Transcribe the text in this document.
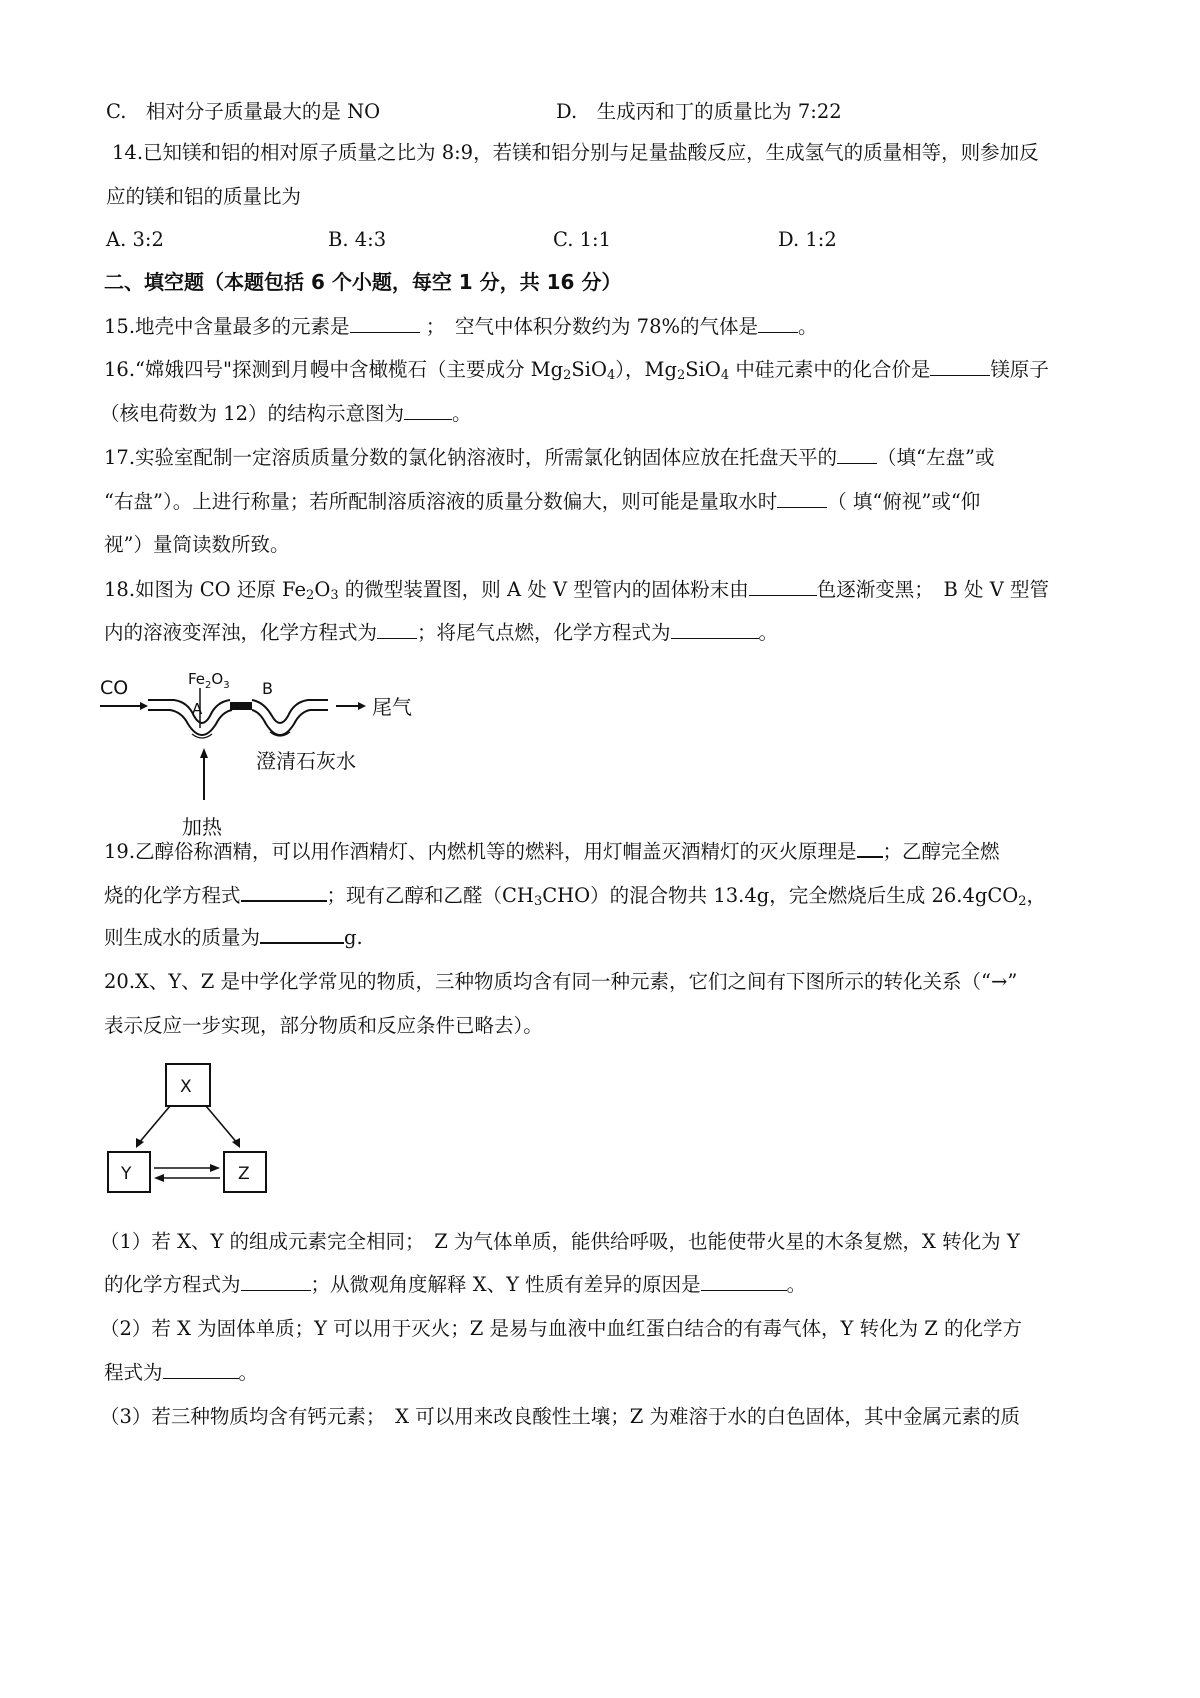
C.　相对分子质量最大的是 NO	D.　生成丙和丁的质量比为 7:22
14.已知镁和铝的相对原子质量之比为 8:9，若镁和铝分别与足量盐酸反应，生成氢气的质量相等，则参加反
应的镁和铝的质量比为
A. 3:2	B. 4:3	C. 1:1	D. 1:2
二、填空题（本题包括 6 个小题，每空 1 分，共 16 分）
15.地壳中含量最多的元素是	；　空气中体积分数约为 78%的气体是 。
16.“嫦娥四号"探测到月幔中含橄榄石（主要成分 $Mg_2SiO_4$），$Mg_2SiO_4$ 中硅元素中的化合价是	镁原子
（核电荷数为 12）的结构示意图为 。
17.实验室配制一定溶质质量分数的氯化钠溶液时，所需氯化钠固体应放在托盘天平的 （填“左盘”或
“右盘”）。上进行称量；若所配制溶质溶液的质量分数偏大，则可能是量取水时	（ 填“俯视”或“仰
视”）量筒读数所致。
18.如图为 CO 还原 $Fe_2O_3$ 的微型装置图，则 A 处 V 型管内的固体粉末由	色逐渐变黑；　B 处 V 型管
内的溶液变浑浊，化学方程式为 ；将尾气点燃，化学方程式为	。
CO	$Fe_2O_3$
A
B
尾气
澄清石灰水
加热
19.乙醇俗称酒精，可以用作酒精灯、内燃机等的燃料，用灯帽盖灭酒精灯的灭火原理是 ；乙醇完全燃
烧的化学方程式	；现有乙醇和乙醛$(CH_3CHO)$的混合物共 13.4g，完全燃烧后生成 26.4gCO$_2$，
则生成水的质量为	g.
20.X、Y、Z 是中学化学常见的物质，三种物质均含有同一种元素，它们之间有下图所示的转化关系（“→”
表示反应一步实现，部分物质和反应条件已略去）。
X
Y	Z
（1）若 X、Y 的组成元素完全相同；　Z 为气体单质，能供给呼吸，也能使带火星的木条复燃，X 转化为 Y
的化学方程式为	；从微观角度解释 X、Y 性质有差异的原因是	。
（2）若 X 为固体单质；Y 可以用于灭火；Z 是易与血液中血红蛋白结合的有毒气体，Y 转化为 Z 的化学方
程式为	。
（3）若三种物质均含有钙元素；　X 可以用来改良酸性土壤；Z 为难溶于水的白色固体，其中金属元素的质
